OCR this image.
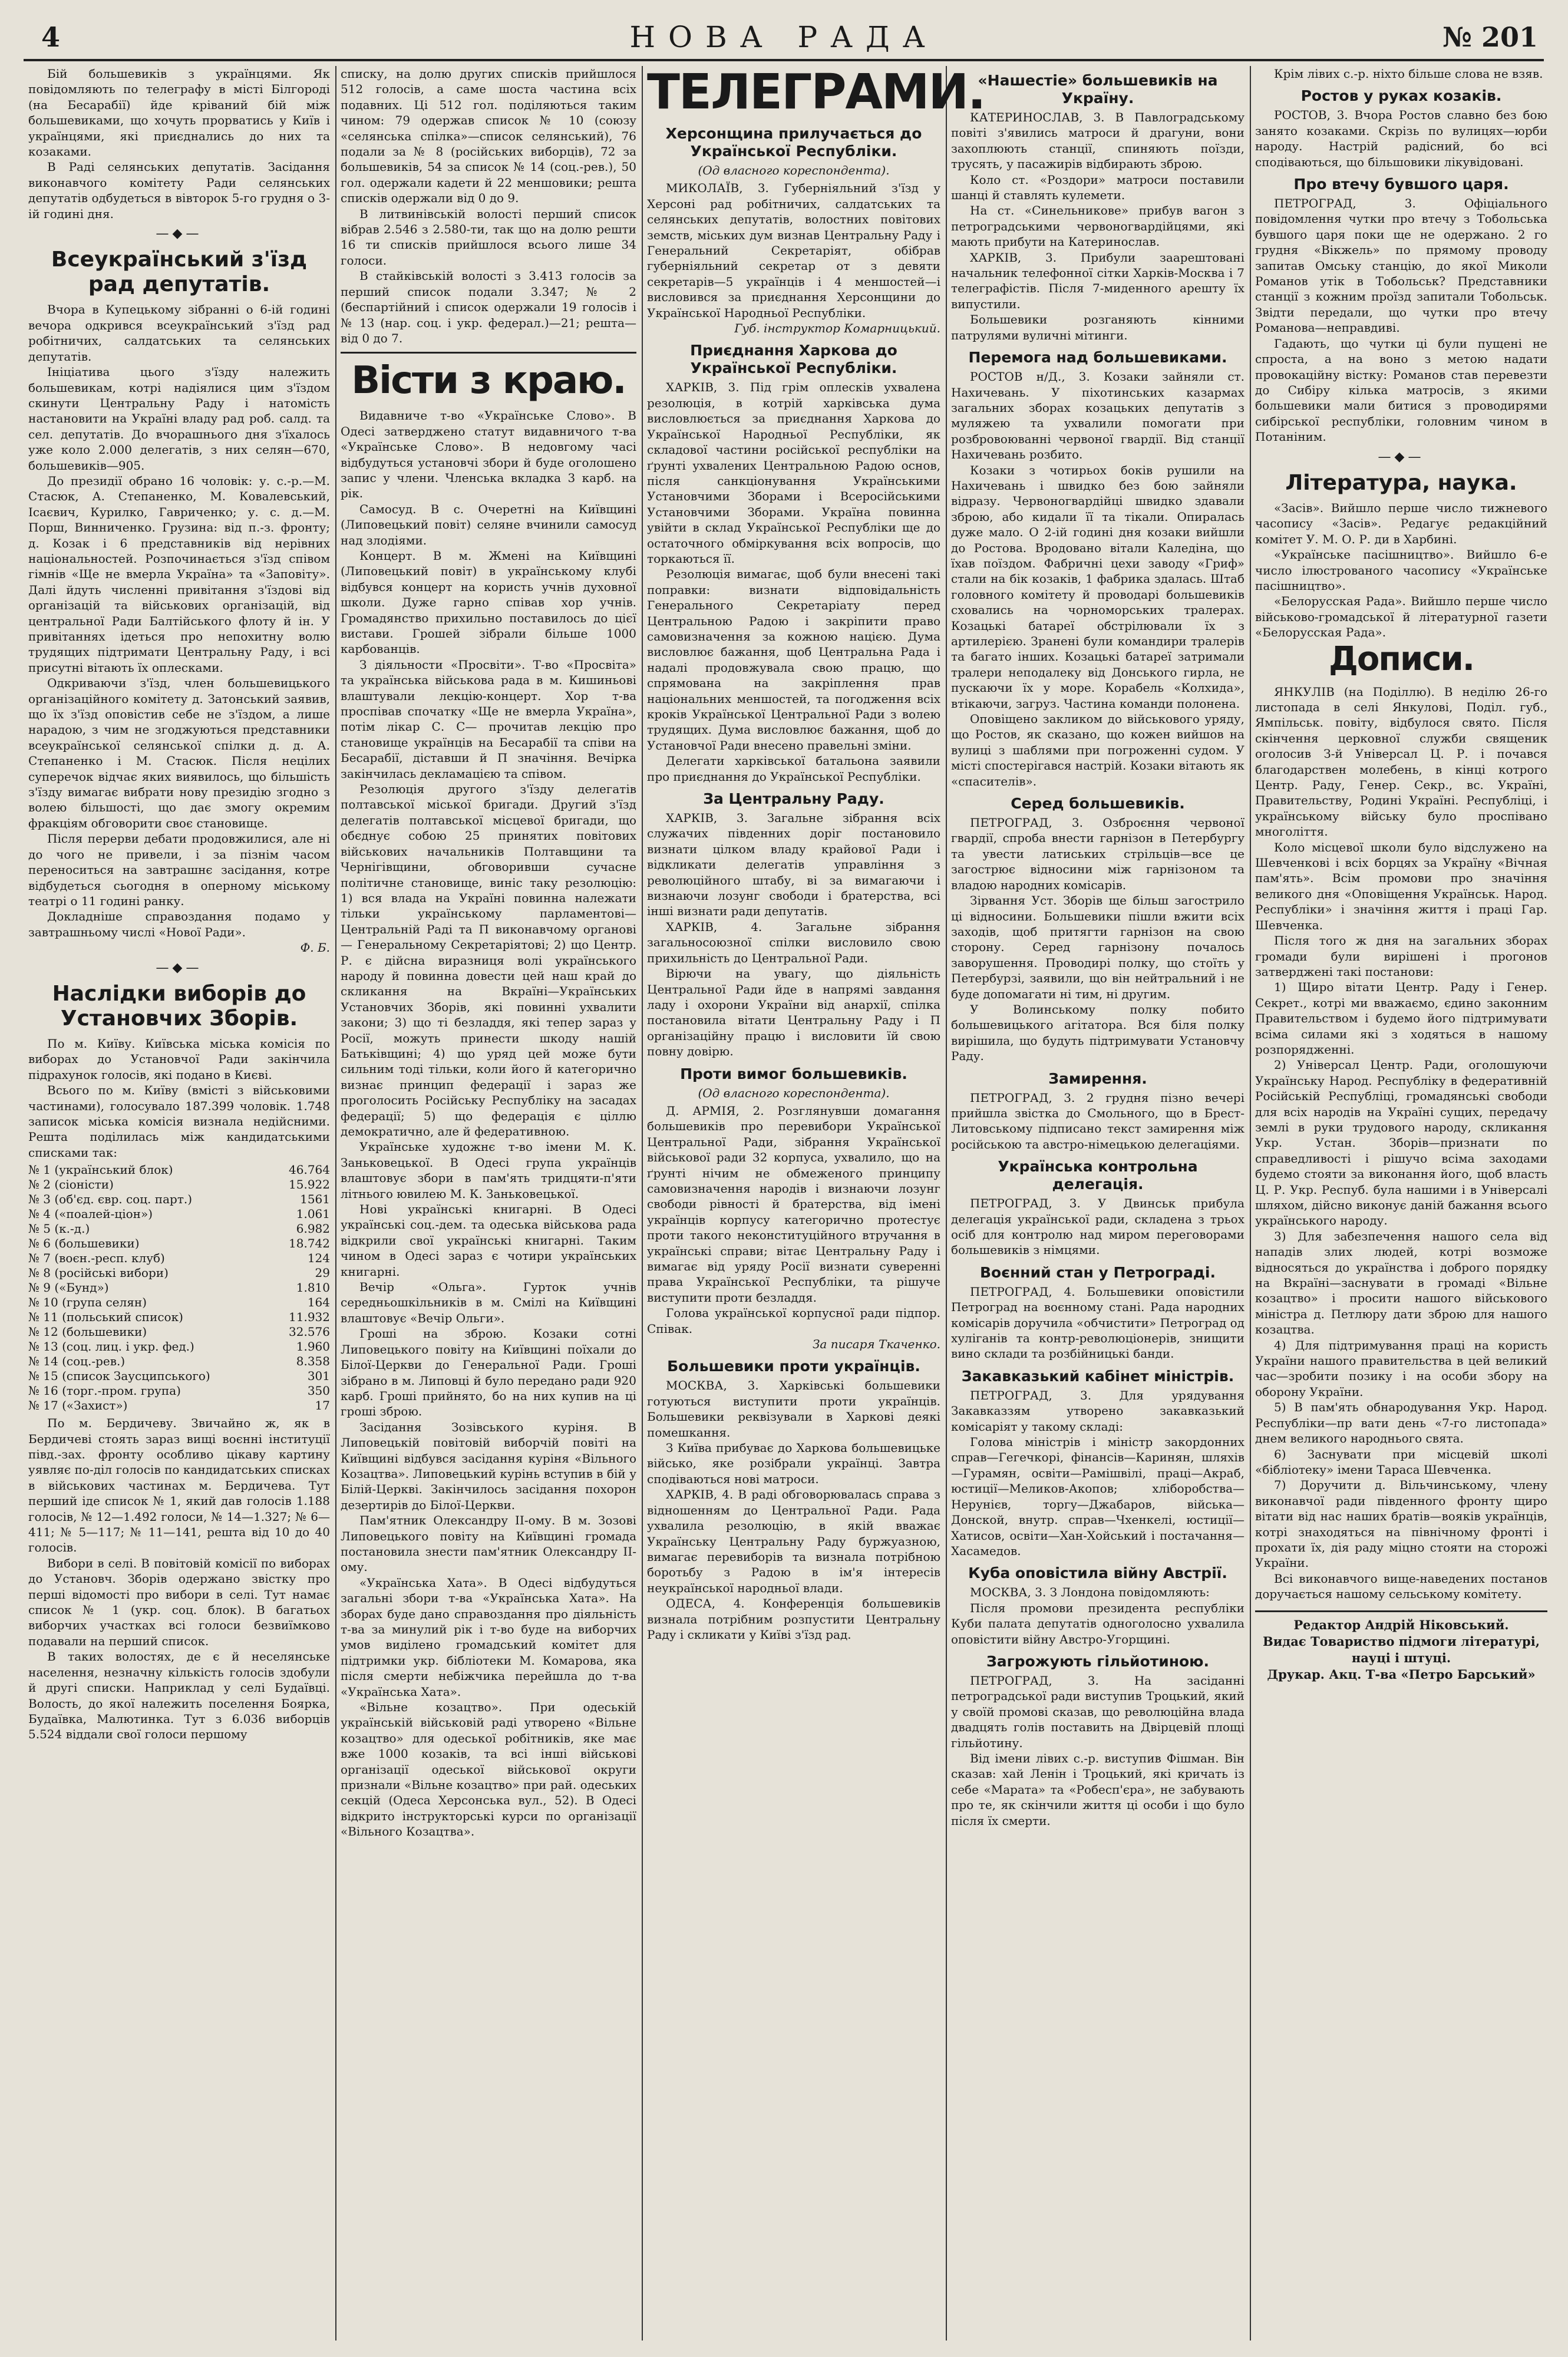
4	НОВА РАДА	№ 201

Бій большевиків з українцями. Як повідомляють по телеграфу в місті Білгороді (на Бесарабії) йде кріваний бій між большевиками, що хочуть прорватись у Київ і українцями, які приєднались до них та козаками.

В Раді селянських депутатів. Засідання виконавчого комітету Ради селянських депутатів одбудеться в вівторок 5-го грудня о 3-ій годині дня.

—◆—
Всеукраїнський з'їзд рад депутатів.

Вчора в Купецькому зібранні о 6-ій годині вечора одкрився всеукраїнський з'їзд рад робітничих, салдатських та селянських депутатів.

Ініціатива цього з'їзду належить большевикам, котрі надіялися цим з'їздом скинути Центральну Раду і натомість настановити на Україні владу рад роб. салд. та сел. депутатів. До вчорашнього дня з'їхалось уже коло 2.000 делегатів, з них селян—670, большевиків—905.

До президії обрано 16 чоловік: у. с.-р.—М. Стасюк, А. Степаненко, М. Ковалевський, Ісаєвич, Курилко, Гавриченко; у. с. д.—М. Порш, Винниченко. Грузина: від п.-з. фронту; д. Козак і 6 представників від нерівних національностей. Розпочинається з'їзд співом гімнів «Ще не вмерла Україна» та «Заповіту». Далі йдуть численні привітання з'їздові від організацій та військових організацій, від центральної Ради Балтійського флоту й ін. У привітаннях ідеться про непохитну волю трудящих підтримати Центральну Раду, і всі присутні вітають їх оплесками.

Одкриваючи з'їзд, член большевицького організаційного комітету д. Затонський заявив, що їх з'їзд оповістив себе не з'їздом, а лише нарадою, з чим не згоджуються представники всеукраїнської селянської спілки д. д. А. Степаненко і М. Стасюк. Після нецілих суперечок відчає яких виявилось, що більшість з'їзду вимагає вибрати нову президію згодно з волею більшості, що дає змогу окремим фракціям обговорити своє становище.

Після перерви дебати продовжилися, але ні до чого не привели, і за пізнім часом переноситься на завтрашнє засідання, котре відбудеться сьогодня в оперному міському театрі о 11 годині ранку.

Докладніше справоздання подамо у завтрашньому числі «Нової Ради».

Ф. Б.
—◆—
Наслідки виборів до Установчих Зборів.

По м. Київу. Київська міська комісія по виборах до Установчої Ради закінчила підрахунок голосів, які подано в Києві.

Всього по м. Київу (вмісті з військовими частинами), голосувало 187.399 чоловік. 1.748 записок міська комісія визнала недійсними. Решта поділилась між кандидатськими списками так:

№ 1 (український блок)	46.764
№ 2 (сіоністи)	15.922
№ 3 (об'єд. євр. соц. парт.)	1561
№ 4 («поалей-ціон»)	1.061
№ 5 (к.-д.)	6.982
№ 6 (большевики)	18.742
№ 7 (воєн.-респ. клуб)	124
№ 8 (російські вибори)	29
№ 9 («Бунд»)	1.810
№ 10 (група селян)	164
№ 11 (польський список)	11.932
№ 12 (большевики)	32.576
№ 13 (соц. лиц. і укр. фед.)	1.960
№ 14 (соц.-рев.)	8.358
№ 15 (список Заусципського)	301
№ 16 (торг.-пром. група)	350
№ 17 («Захист»)	17

По м. Бердичеву. Звичайно ж, як в Бердичеві стоять зараз вищі воєнні інституції півд.-зах. фронту особливо цікаву картину уявляє по-діл голосів по кандидатських списках в військових частинах м. Бердичева. Тут перший іде список № 1, який дав голосів 1.188 голосів, № 12—1.492 голоси, № 14—1.327; № 6—411; № 5—117; № 11—141, решта від 10 до 40 голосів.

Вибори в селі. В повітовій комісії по виборах до Установч. Зборів одержано звістку про перші відомості про вибори в селі. Тут намає список № 1 (укр. соц. блок). В багатьох виборчих участках всі голоси безвиїмково подавали на перший список.

В таких волостях, де є й неселянське населення, незначну кількість голосів здобули й другі списки. Наприклад у селі Будаївці. Волость, до якої належить поселення Боярка, Будаївка, Малютинка. Тут з 6.036 виборців 5.524 віддали свої голоси першому

списку, на долю других списків прийшлося 512 голосів, а саме шоста частина всіх подавних. Ці 512 гол. поділяються таким чином: 79 одержав список № 10 (союзу «селянська спілка»—список селянський), 76 подали за № 8 (російських виборців), 72 за большевиків, 54 за список № 14 (соц.-рев.), 50 гол. одержали кадети й 22 меншовики; решта списків одержали від 0 до 9.

В литвинівській волості перший список вібрав 2.546 з 2.580-ти, так що на долю решти 16 ти списків прийшлося всього лише 34 голоси.

В стайківській волості з 3.413 голосів за перший список подали 3.347; № 2 (беспартійний і список одержали 19 голосів і № 13 (нар. соц. і укр. федерал.)—21; решта—від 0 до 7.

Вісти з краю.

Видавниче т-во «Українське Слово». В Одесі затверджено статут видавничого т-ва «Українське Слово». В недовгому часі відбудуться установчі збори й буде оголошено запис у члени. Членська вкладка 3 карб. на рік.

Самосуд. В с. Очеретні на Київщині (Липовецький повіт) селяне вчинили самосуд над злодіями.

Концерт. В м. Жмені на Київщині (Липовецький повіт) в українському клубі відбувся концерт на користь учнів духовної школи. Дуже гарно співав хор учнів. Громадянство прихильно поставилось до цієї вистави. Грошей зібрали більше 1000 карбованців.

З діяльности «Просвіти». Т-во «Просвіта» та українська військова рада в м. Кишиньові влаштували лекцію-концерт. Хор т-ва проспівав спочатку «Ще не вмерла Україна», потім лікар С. С— прочитав лекцію про становище українців на Бесарабії та співи на Бесарабії, діставши й П значіння. Вечірка закінчилась декламацією та співом.

Резолюція другого з'їзду делегатів полтавської міської бригади. Другий з'їзд делегатів полтавської місцевої бригади, що обєднує собою 25 принятих повітових військових начальників Полтавщини та Чернігівщини, обговоривши сучасне політичне становище, виніс таку резолюцію: 1) вся влада на Україні повинна належати тільки українському парламентові—Центральній Раді та П виконавчому органові — Генеральному Секретаріятові; 2) що Центр. Р. є дійсна виразниця волі українського народу й повинна довести цей наш край до скликання на Вкраїні—Українських Установчих Зборів, які повинні ухвалити закони; 3) що ті безладдя, які тепер зараз у Росії, можуть принести шкоду нашій Батьківщині; 4) що уряд цей може бути сильним тоді тільки, коли його й категорично визнає принцип федерації і зараз же проголосить Російську Республіку на засадах федерації; 5) що федерація є ціллю демократично, але й федеративною.

Українське художнє т-во імени М. К. Заньковецької. В Одесі група українців влаштовує збори в пам'ять тридцяти-п'яти літнього ювилею М. К. Заньковецької.

Нові українські книгарні. В Одесі українські соц.-дем. та одеська військова рада відкрили свої українські книгарні. Таким чином в Одесі зараз є чотири українських книгарні.

Вечір «Ольга». Гурток учнів середньошкільників в м. Смілі на Київщині влаштовує «Вечір Ольги».

Гроші на зброю. Козаки сотні Липовецького повіту на Київщині поїхали до Білої-Церкви до Генеральної Ради. Гроші зібрано в м. Липовці й було передано ради 920 карб. Гроші прийнято, бо на них купив на ці гроші зброю.

Засідання Зозівського куріня. В Липовецькій повітовій виборчій повіті на Київщині відбувся засідання куріня «Вільного Козацтва». Липовецький курінь вступив в бій у Білій-Церкві. Закінчилось засідання похорон дезертирів до Білої-Церкви.

Пам'ятник Олександру II-ому. В м. Зозові Липовецького повіту на Київщині громада постановила знести пам'ятник Олександру II-ому.

«Українська Хата». В Одесі відбудуться загальні збори т-ва «Українська Хата». На зборах буде дано справоздання про діяльність т-ва за минулий рік і т-во буде на виборчих умов виділено громадський комітет для підтримки укр. бібліотеки М. Комарова, яка після смерти небіжчика перейшла до т-ва «Українська Хата».

«Вільне козацтво». При одеській українській військовій раді утворено «Вільне козацтво» для одеської робітників, яке має вже 1000 козаків, та всі інші військові організації одеської військової округи признали «Вільне козацтво» при рай. одеських секцій (Одеса Херсонська вул., 52). В Одесі відкрито інструкторські курси по організації «Вільного Козацтва».

ТЕЛЕГРАМИ.
Херсонщина прилучається до Української Республіки.
(Од власного кореспондента).

МИКОЛАЇВ, 3. Губерніяльний з'їзд у Херсоні рад робітничих, салдатських та селянських депутатів, волостних повітових земств, міських дум визнав Центральну Раду і Генеральний Секретаріят, обібрав губерніяльний секретар от з девяти секретарів—5 українців і 4 меншостей—і висловився за приєднання Херсонщини до Української Народньої Республіки.

Губ. інструктор Комарницький.
Приєднання Харкова до Української Республіки.

ХАРКІВ, 3. Під грім оплесків ухвалена резолюція, в котрій харківська дума висловлюється за приєднання Харкова до Української Народньої Республіки, як складової частини російської республіки на ґрунті ухвалених Центральною Радою основ, після санкціонування Українськими Установчими Зборами і Всеросійськими Установчими Зборами. Україна повинна увійти в склад Української Республіки ще до остаточного обміркування всіх вопросів, що торкаються її.

Резолюція вимагає, щоб були внесені такі поправки: визнати відповідальність Генерального Секретаріату перед Центральною Радою і закріпити право самовизначення за кожною нацією. Дума висловлює бажання, щоб Центральна Рада і надалі продовжувала свою працю, що спрямована на закріплення прав національних меншостей, та погодження всіх кроків Української Центральної Ради з волею трудящих. Дума висловлює бажання, щоб до Установчої Ради внесено правельні зміни.

Делегати харківської батальона заявили про приєднання до Української Республіки.

За Центральну Раду.

ХАРКІВ, 3. Загальне зібрання всіх служачих південних доріг постановило визнати цілком владу крайової Ради і відкликати делегатів управління з революційного штабу, ві за вимагаючи і визнаючи лозунг свободи і братерства, всі інші визнати ради депутатів.

ХАРКІВ, 4. Загальне зібрання загальносоюзної спілки висловило свою прихильність до Центральної Ради.

Вірючи на увагу, що діяльність Центральної Ради йде в напрямі завдання ладу і охорони України від анархії, спілка постановила вітати Центральну Раду і П організаційну працю і висловити їй свою повну довірю.

Проти вимог большевиків.
(Од власного кореспондента).

Д. АРМІЯ, 2. Розглянувши домагання большевиків про перевибори Української Центральної Ради, зібрання Української військової ради 32 корпуса, ухвалило, що на ґрунті нічим не обмеженого принципу самовизначення народів і визнаючи лозунг свободи рівності й братерства, від імені українців корпусу категорично протестує проти такого неконституційного втручання в українські справи; вітає Центральну Раду і вимагає від уряду Росії визнати суверенні права Української Республіки, та рішуче виступити проти безладдя.

Голова української корпусної ради підпор. Співак.

За писаря Ткаченко.
Большевики проти українців.

МОСКВА, 3. Харківські большевики готуються виступити проти українців. Большевики реквізували в Харкові деякі помешкання.

З Київа прибуває до Харкова большевицьке військо, яке розібрали українці. Завтра сподіваються нові матроси.

ХАРКІВ, 4. В раді обговорювалась справа з відношенням до Центральної Ради. Рада ухвалила резолюцію, в якій вважає Українську Центральну Раду буржуазною, вимагає перевиборів та визнала потрібною боротьбу з Радою в ім'я інтересів неукраїнської народньої влади.

ОДЕСА, 4. Конференція большевиків визнала потрібним розпустити Центральну Раду і скликати у Київі з'їзд рад.

«Нашестіе» большевиків на Україну.

КАТЕРИНОСЛАВ, 3. В Павлоградському повіті з'явились матроси й драгуни, вони захоплюють станції, спиняють поїзди, трусять, у пасажирів відбирають зброю.

Коло ст. «Роздори» матроси поставили шанці й ставлять кулемети.

На ст. «Синельникове» прибув вагон з петроградськими червоногвардійцями, які мають прибути на Катеринослав.

ХАРКІВ, 3. Прибули заарештовані начальник телефонної сітки Харків-Москва і 7 телеграфістів. Після 7-миденного арешту їх випустили.

Большевики розганяють кінними патрулями вуличні мітинги.

Перемога над большевиками.

РОСТОВ н/Д., 3. Козаки зайняли ст. Нахичевань. У піхотинських казармах загальних зборах козацьких депутатів з муляжею та ухвалили помогати при розбровоюванні червоної гвардії. Від станції Нахичевань розбито.

Козаки з чотирьох боків рушили на Нахичевань і швидко без бою зайняли відразу. Червоногвардійці швидко здавали зброю, або кидали її та тікали. Опиралась дуже мало. О 2-ій годині дня козаки вийшли до Ростова. Вродовано вітали Каледіна, що їхав поїздом. Фабричні цехи заводу «Гриф» стали на бік козаків, 1 фабрика здалась. Штаб головного комітету й проводарі большевиків сховались на чорноморських тралерах. Козацькі батареї обстрілювали їх з артилерією. Зранені були командири тралерів та багато інших. Козацькі батареї затримали тралери неподалеку від Донського гирла, не пускаючи їх у море. Корабель «Колхида», втікаючи, загруз. Частина команди полонена.

Оповіщено закликом до військового уряду, що Ростов, як сказано, що кожен вийшов на вулиці з шаблями при погроженні судом. У місті спостерігався настрій. Козаки вітають як «спасителів».

Серед большевиків.

ПЕТРОГРАД, 3. Озброєння червоної гвардії, спроба внести гарнізон в Петербургу та увести латиських стрільців—все це загострює відносини між гарнізоном та владою народних комісарів.

Зірвання Уст. Зборів ще більш загострило ці відносини. Большевики пішли вжити всіх заходів, щоб притягти гарнізон на свою сторону. Серед гарнізону почалось заворушення. Проводирі полку, що стоїть у Петербурзі, заявили, що він нейтральний і не буде допомагати ні тим, ні другим.

У Волинському полку побито большевицького агітатора. Вся біля полку вирішила, що будуть підтримувати Установчу Раду.

Замирення.

ПЕТРОГРАД, 3. 2 грудня пізно вечері прийшла звістка до Смольного, що в Брест-Литовському підписано текст замирення між російською та австро-німецькою делегаціями.

Українська контрольна делегація.

ПЕТРОГРАД, 3. У Двинськ прибула делегація української ради, складена з трьох осіб для контролю над миром переговорами большевиків з німцями.

Воєнний стан у Петрограді.

ПЕТРОГРАД, 4. Большевики оповістили Петроград на воєнному стані. Рада народних комісарів доручила «обчистити» Петроград од хуліганів та контр-революціонерів, знищити вино склади та розбійницькі банди.

Закавказький кабінет міністрів.

ПЕТРОГРАД, 3. Для урядування Закавказзям утворено закавказький комісаріят у такому складі:

Голова міністрів і міністр закордонних справ—Гегечкорі, фінансів—Каринян, шляхів—Гурамян, освіти—Рамішвілі, праці—Акраб, юстиції—Меликов-Акопов; хліборобства—Нерунієв, торгу—Джабаров, війська—Донской, внутр. справ—Чхенкелі, юстиції—Хатисов, освіти—Хан-Хойський і постачання—Хасамедов.

Куба оповістила війну Австрії.

МОСКВА, 3. З Лондона повідомляють:

Після промови президента республіки Куби палата депутатів одноголосно ухвалила оповістити війну Австро-Угорщині.

Загрожують гільйотиною.

ПЕТРОГРАД, 3. На засіданні петроградської ради виступив Троцький, який у своїй промові сказав, що революційна влада двадцять голів поставить на Двірцевій площі гільйотину.

Від імени лівих с.-р. виступив Фішман. Він сказав: хай Ленін і Троцький, які кричать із себе «Марата» та «Робесп'єра», не забувають про те, як скінчили життя ці особи і що було після їх смерти.

Крім лівих с.-р. ніхто більше слова не взяв.

Ростов у руках козаків.

РОСТОВ, 3. Вчора Ростов славно без бою занято козаками. Скрізь по вулицях—юрби народу. Настрій радісний, бо всі сподіваються, що більшовики лікувідовані.

Про втечу бувшого царя.

ПЕТРОГРАД, 3. Офіціального повідомлення чутки про втечу з Тобольська бувшого царя поки ще не одержано. 2 го грудня «Вікжель» по прямому проводу запитав Омську станцію, до якої Миколи Романов утік в Тобольськ? Представники станції з кожним проїзд запитали Тобольськ. Звідти передали, що чутки про втечу Романова—неправдиві.

Гадають, що чутки ці були пущені не спроста, а на воно з метою надати провокаційну вістку: Романов став перевезти до Сибіру кілька матросів, з якими большевики мали битися з проводирями сибірської республіки, головним чином в Потаніним.

—◆—
Література, наука.

«Засів». Вийшло перше число тижневого часопису «Засів». Редагує редакційний комітет У. М. О. Р. ди в Харбині.

«Українське пасішництво». Вийшло 6-е число ілюстрованого часопису «Українське пасішництво».

«Белорусская Рада». Вийшло перше число військово-громадської й літературної газети «Белорусская Рада».

Дописи.

ЯНКУЛІВ (на Поділлю). В неділю 26-го листопада в селі Янкулові, Поділ. губ., Ямпільськ. повіту, відбулося свято. Після скінчення церковної служби священик оголосив З-й Універсал Ц. Р. і почався благодарствен молебень, в кінці котрого Центр. Раду, Генер. Секр., вс. Україні, Правительству, Родині Україні. Республіці, і українському війську було проспівано многоліття.

Коло місцевої школи було відслужено на Шевченкові і всіх борцях за Україну «Вічная пам'ять». Всім промови про значіння великого дня «Оповіщення Українськ. Народ. Республіки» і значіння життя і праці Гар. Шевченка.

Після того ж дня на загальних зборах громади були вирішені і прогонов затверджені такі постанови:

1) Щиро вітати Центр. Раду і Генер. Секрет., котрі ми вважаємо, єдино законним Правительством і будемо його підтримувати всіма силами які з ходяться в нашому розпорядженні.

2) Універсал Центр. Ради, оголошуючи Українську Народ. Республіку в федеративній Російській Республіці, громадянські свободи для всіх народів на Україні сущих, передачу землі в руки трудового народу, скликання Укр. Устан. Зборів—признати по справедливості і рішучо всіма заходами будемо стояти за виконання його, щоб власть Ц. Р. Укр. Респуб. була нашими і в Універсалі шляхом, дійсно виконує даній бажання всього українського народу.

3) Для забезпечення нашого села від нападів злих людей, котрі возможе відносяться до українства і доброго порядку на Вкраїні—заснувати в громаді «Вільне козацтво» і просити нашого військового міністра д. Петлюру дати зброю для нашого козацтва.

4) Для підтримування праці на користь України нашого правительства в цей великий час—зробити позику і на особи збору на оборону України.

5) В пам'ять обнародування Укр. Народ. Республіки—пр вати день «7-го листопада» днем великого народнього свята.

6) Заснувати при місцевій школі «бібліотеку» імени Тараса Шевченка.

7) Доручити д. Вільчинському, члену виконавчої ради південного фронту щиро вітати від нас наших братів—вояків українців, котрі знаходяться на північному фронті і прохати їх, дія раду міцно стояти на сторожі України.

Всі виконавчого вище-наведених постанов доручається нашому сельському комітету.

Редактор Андрій Ніковський.
Видає Товариство підмоги літературі, науці і штуці.
Друкар. Акц. Т-ва «Петро Барський»
